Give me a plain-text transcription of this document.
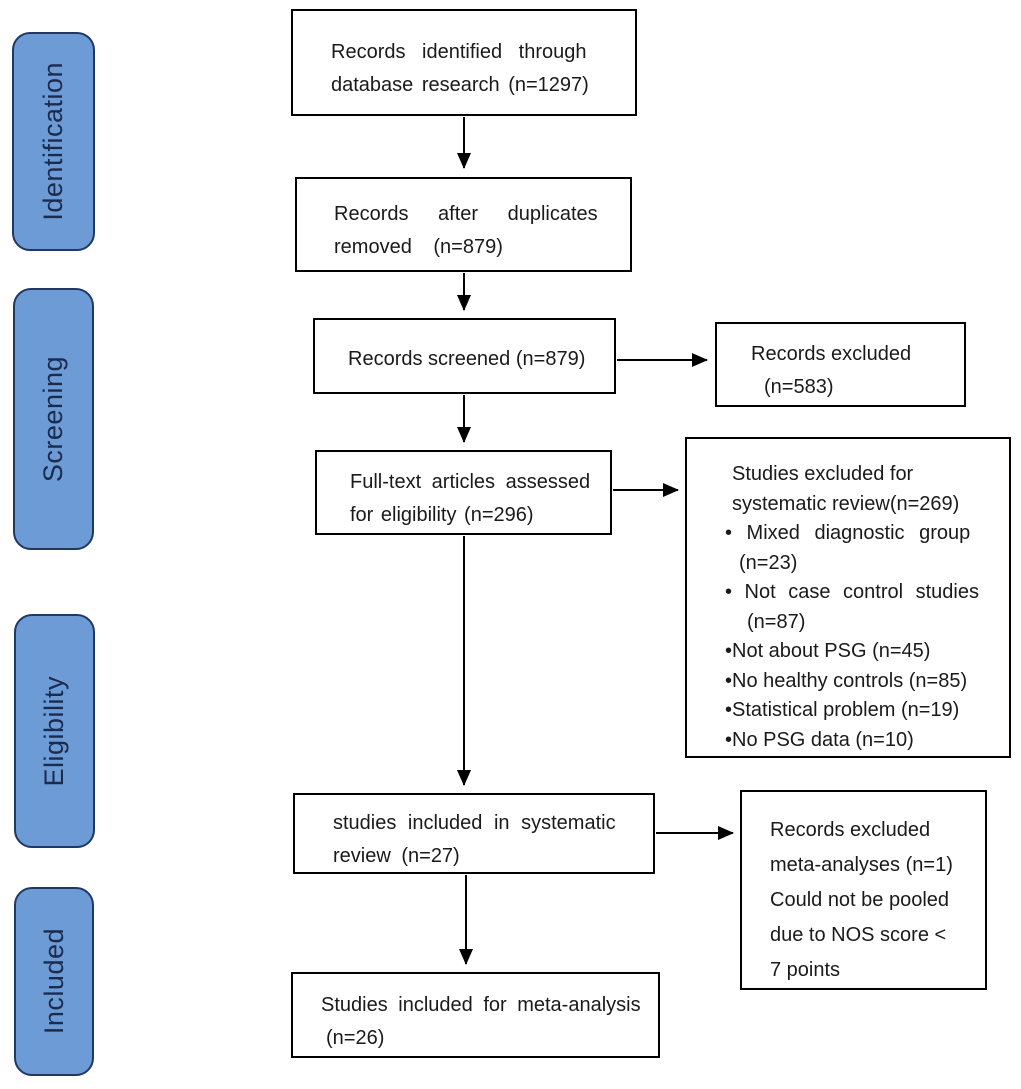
Identification
Screening
Eligibility
Included
Records identified through
database research (n=1297)
Records after duplicates
removed (n=879)
Records screened (n=879)
Full-text articles assessed
for eligibility (n=296)
studies included in systematic
review (n=27)
Studies included for meta-analysis
(n=26)
Records excluded
(n=583)
Studies excluded for
systematic review(n=269)
• Mixed diagnostic group
(n=23)
• Not case control studies
(n=87)
•Not about PSG (n=45)
•No healthy controls (n=85)
•Statistical problem (n=19)
•No PSG data (n=10)
Records excluded
meta-analyses (n=1)
Could not be pooled
due to NOS score <
7 points
